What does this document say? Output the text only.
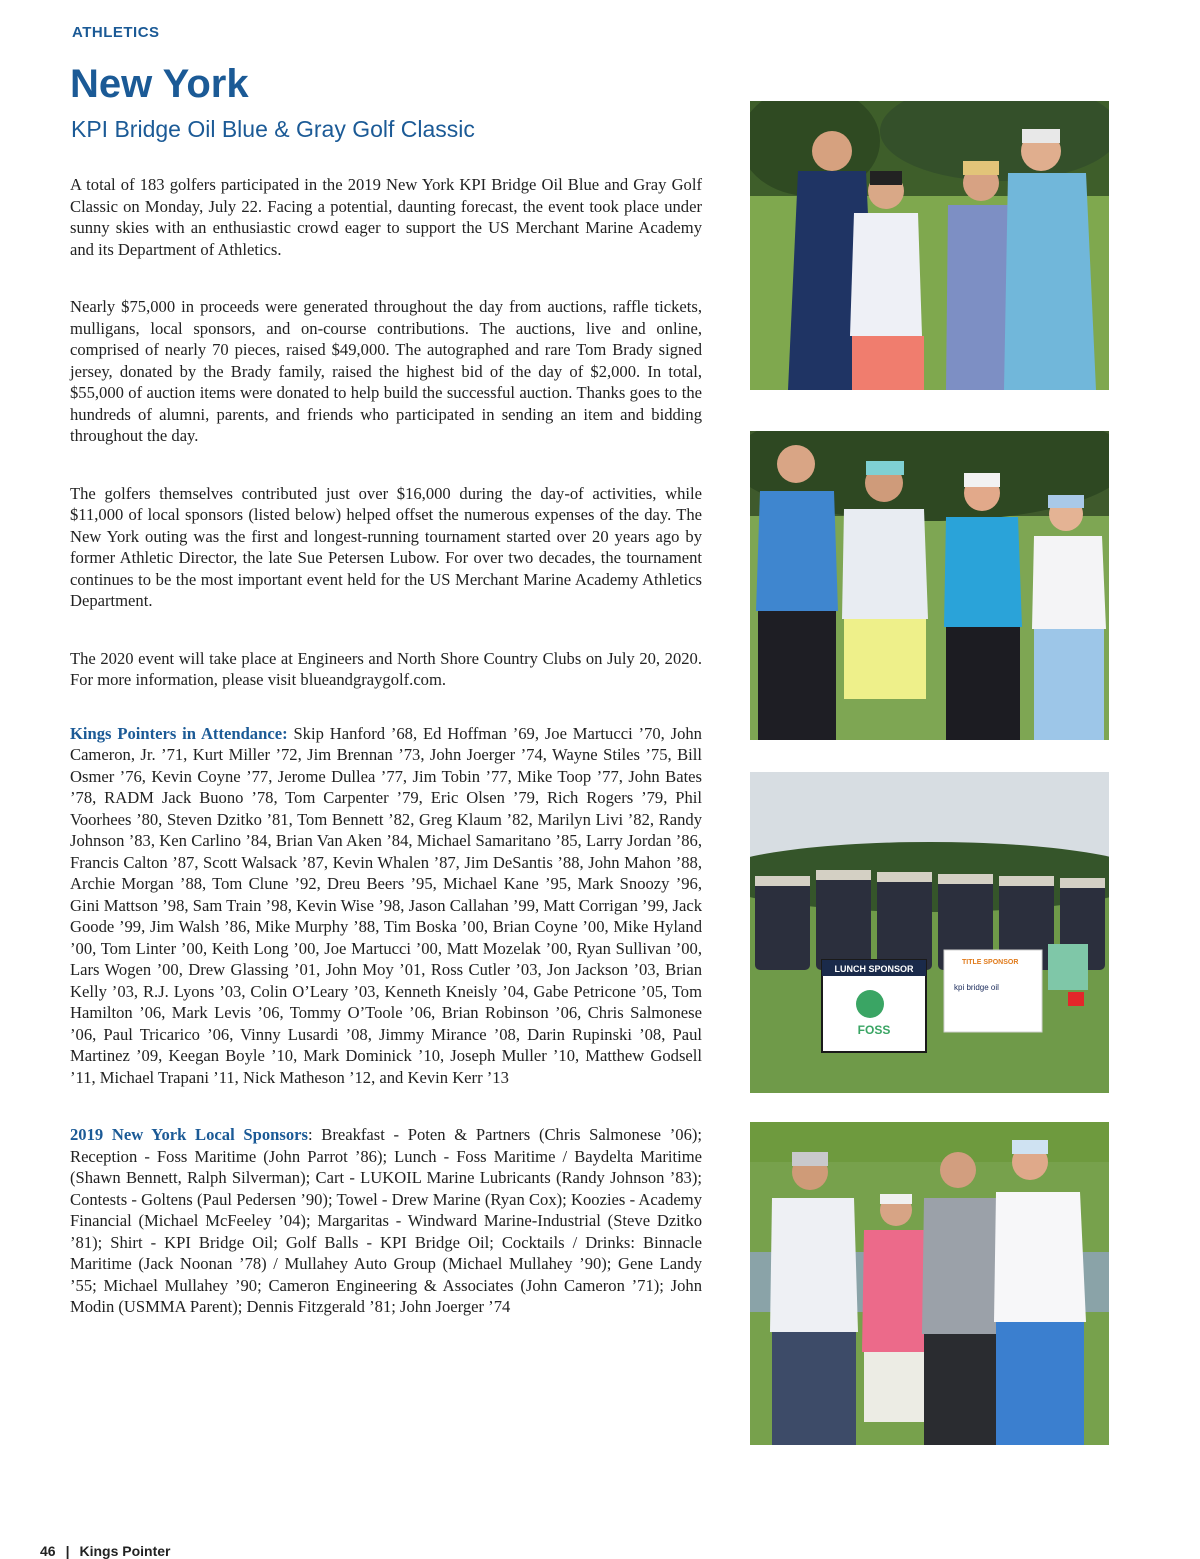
ATHLETICS
New York
KPI Bridge Oil Blue & Gray Golf Classic

A total of 183 golfers participated in the 2019 New York KPI Bridge Oil Blue and Gray Golf Classic on Monday, July 22. Facing a potential, daunting forecast, the event took place under sunny skies with an enthusiastic crowd eager to support the US Merchant Marine Academy and its Department of Athletics.

Nearly $75,000 in proceeds were generated throughout the day from auctions, raffle tickets, mulligans, local sponsors, and on-course contributions. The auctions, live and online, comprised of nearly 70 pieces, raised $49,000. The autographed and rare Tom Brady signed jersey, donated by the Brady family, raised the highest bid of the day of $2,000. In total, $55,000 of auction items were donated to help build the successful auction. Thanks goes to the hundreds of alumni, parents, and friends who participated in sending an item and bidding throughout the day.

The golfers themselves contributed just over $16,000 during the day-of activities, while $11,000 of local sponsors (listed below) helped offset the numerous expenses of the day. The New York outing was the first and longest-running tournament started over 20 years ago by former Athletic Director, the late Sue Petersen Lubow. For over two decades, the tournament continues to be the most important event held for the US Merchant Marine Academy Athletics Department.

The 2020 event will take place at Engineers and North Shore Country Clubs on July 20, 2020. For more information, please visit blueandgraygolf.com.

Kings Pointers in Attendance: Skip Hanford ’68, Ed Hoffman ’69, Joe Martucci ’70, John Cameron, Jr. ’71, Kurt Miller ’72, Jim Brennan ’73, John Joerger ’74, Wayne Stiles ’75, Bill Osmer ’76, Kevin Coyne ’77, Jerome Dullea ’77, Jim Tobin ’77, Mike Toop ’77, John Bates ’78, RADM Jack Buono ’78, Tom Carpenter ’79, Eric Olsen ’79, Rich Rogers ’79, Phil Voorhees ’80, Steven Dzitko ’81, Tom Bennett ’82, Greg Klaum ’82, Marilyn Livi ’82, Randy Johnson ’83, Ken Carlino ’84, Brian Van Aken ’84, Michael Samaritano ’85, Larry Jordan ’86, Francis Calton ’87, Scott Walsack ’87, Kevin Whalen ’87, Jim DeSantis ’88, John Mahon ’88, Archie Morgan ’88, Tom Clune ’92, Dreu Beers ’95, Michael Kane ’95, Mark Snoozy ’96, Gini Mattson ’98, Sam Train ’98, Kevin Wise ’98, Jason Callahan ’99, Matt Corrigan ’99, Jack Goode ’99, Jim Walsh ’86, Mike Murphy ’88, Tim Boska ’00, Brian Coyne ’00, Mike Hyland ’00, Tom Linter ’00, Keith Long ’00, Joe Martucci ’00, Matt Mozelak ’00, Ryan Sullivan ’00, Lars Wogen ’00, Drew Glassing ’01, John Moy ’01, Ross Cutler ’03, Jon Jackson ’03, Brian Kelly ’03, R.J. Lyons ’03, Colin O’Leary ’03, Kenneth Kneisly ’04, Gabe Petricone ’05, Tom Hamilton ’06, Mark Levis ’06, Tommy O’Toole ’06, Brian Robinson ’06, Chris Salmonese ’06, Paul Tricarico ’06, Vinny Lusardi ’08, Jimmy Mirance ’08, Darin Rupinski ’08, Paul Martinez ’09, Keegan Boyle ’10, Mark Dominick ’10, Joseph Muller ’10, Matthew Godsell ’11, Michael Trapani ’11, Nick Matheson ’12, and Kevin Kerr ’13

2019 New York Local Sponsors: Breakfast - Poten & Partners (Chris Salmonese ’06); Reception - Foss Maritime (John Parrot ’86); Lunch - Foss Maritime / Baydelta Maritime (Shawn Bennett, Ralph Silverman); Cart - LUKOIL Marine Lubricants (Randy Johnson ’83); Contests - Goltens (Paul Pedersen ’90); Towel - Drew Marine (Ryan Cox); Koozies - Academy Financial (Michael McFeeley ’04); Margaritas - Windward Marine-Industrial (Steve Dzitko ’81); Shirt - KPI Bridge Oil; Golf Balls - KPI Bridge Oil; Cocktails / Drinks: Binnacle Maritime (Jack Noonan ’78) / Mullahey Auto Group (Michael Mullahey ’90); Gene Landy ’55; Michael Mullahey ’90; Cameron Engineering & Associates (John Cameron ’71); John Modin (USMMA Parent); Dennis Fitzgerald ’81; John Joerger ’74

LUNCH SPONSOR
FOSS
TITLE SPONSOR
kpi bridge oil
46 | Kings Pointer
